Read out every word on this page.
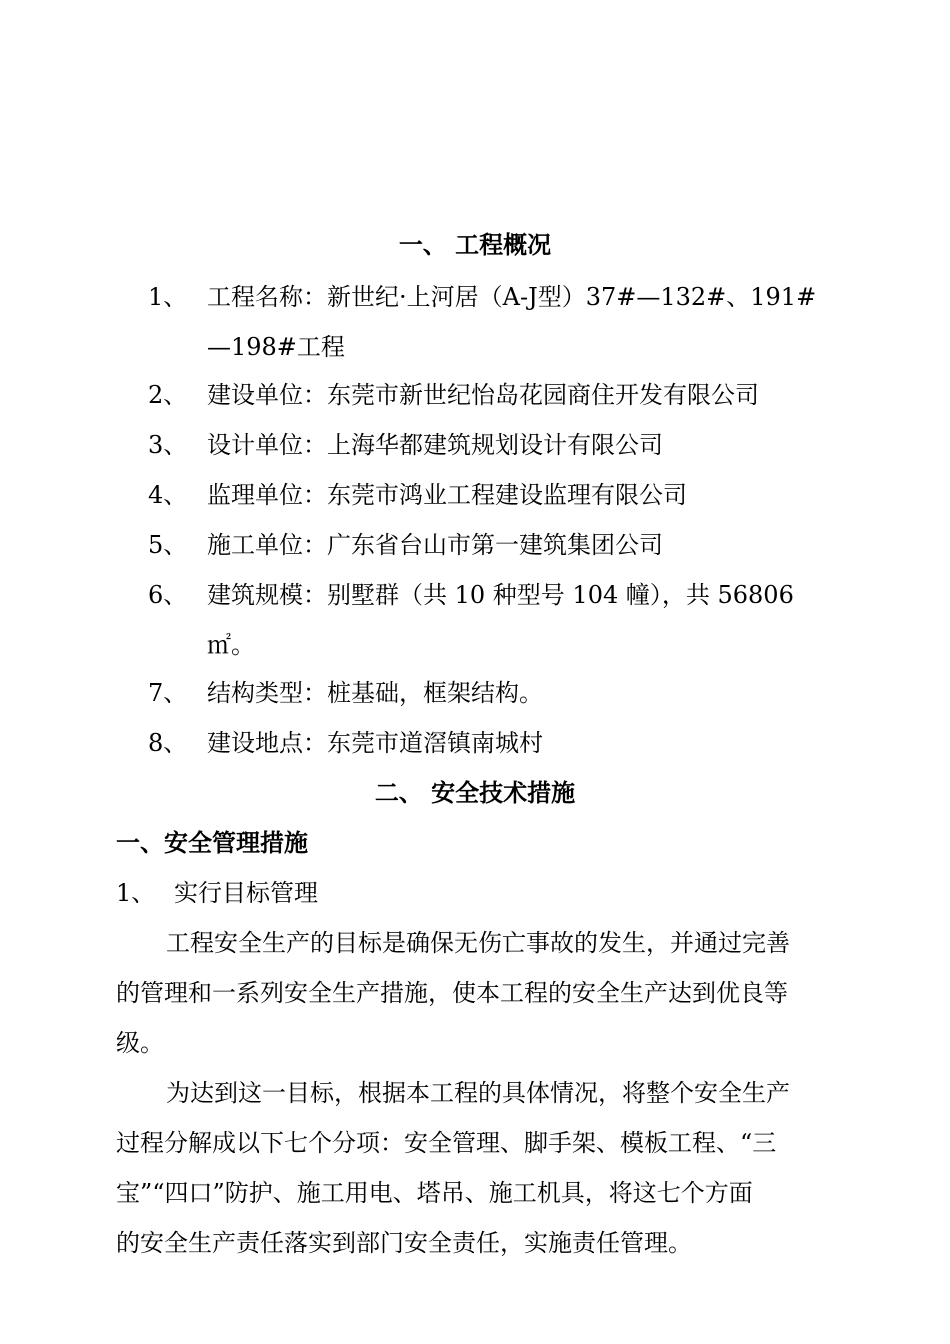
一、 工程概况
1、 工程名称：新世纪·上河居（A-J型）37#—132#、191#
—198#工程
2、 建设单位：东莞市新世纪怡岛花园商住开发有限公司
3、 设计单位：上海华都建筑规划设计有限公司
4、 监理单位：东莞市鸿业工程建设监理有限公司
5、 施工单位：广东省台山市第一建筑集团公司
6、 建筑规模：别墅群（共 10 种型号 104 幢），共 56806
㎡。
7、 结构类型：桩基础，框架结构。
8、 建设地点：东莞市道滘镇南城村
二、 安全技术措施
一、安全管理措施
1、 实行目标管理
工程安全生产的目标是确保无伤亡事故的发生，并通过完善
的管理和一系列安全生产措施，使本工程的安全生产达到优良等
级。
为达到这一目标，根据本工程的具体情况，将整个安全生产
过程分解成以下七个分项：安全管理、脚手架、模板工程、“三
宝”“四口”防护、施工用电、塔吊、施工机具，将这七个方面
的安全生产责任落实到部门安全责任，实施责任管理。
